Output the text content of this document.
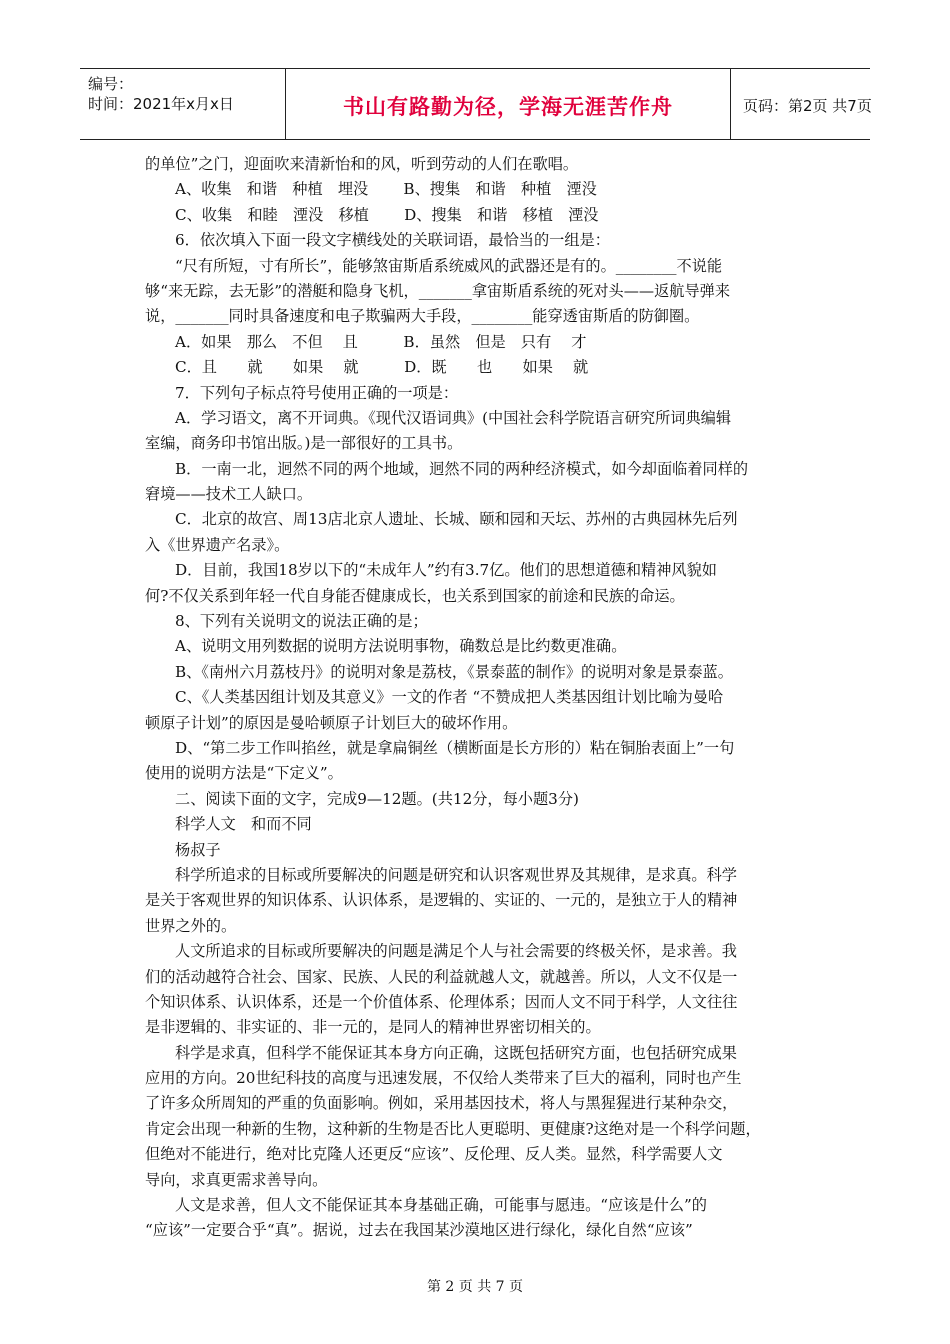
编号：
时间：2021年x月x日	书山有路勤为径，学海无涯苦作舟	页码：第2页 共7页
的单位”之门，迎面吹来清新怡和的风，听到劳动的人们在歌唱。
A、收集　和谐　种植　埋没　　 B、搜集　和谐　种植　湮没
C、收集　和睦　湮没　移植　　 D、搜集　和谐　移植　湮没
6．依次填入下面一段文字横线处的关联词语，最恰当的一组是：
“尺有所短，寸有所长”，能够煞宙斯盾系统威风的武器还是有的。________不说能
够“来无踪，去无影”的潜艇和隐身飞机，_______拿宙斯盾系统的死对头——返航导弹来
说，_______同时具备速度和电子欺骗两大手段，________能穿透宙斯盾的防御圈。
A．如果　那么　不但　 且　　　B．虽然　但是　只有　 才
C．且　　就　　如果　 就　　　D．既　　也　　如果　 就
7．下列句子标点符号使用正确的一项是：
A．学习语文，离不开词典。《现代汉语词典》(中国社会科学院语言研究所词典编辑
室编，商务印书馆出版。)是一部很好的工具书。
B．一南一北，迥然不同的两个地域，迥然不同的两种经济模式，如今却面临着同样的
窘境——技术工人缺口。
C．北京的故宫、周13店北京人遗址、长城、颐和园和天坛、苏州的古典园林先后列
入《世界遗产名录》。
D．目前，我国18岁以下的“未成年人”约有3.7亿。他们的思想道德和精神风貌如
何?不仅关系到年轻一代自身能否健康成长，也关系到国家的前途和民族的命运。
8、下列有关说明文的说法正确的是；
A、说明文用列数据的说明方法说明事物，确数总是比约数更准确。
B、《南州六月荔枝丹》的说明对象是荔枝，《景泰蓝的制作》的说明对象是景泰蓝。
C、《人类基因组计划及其意义》一文的作者 “不赞成把人类基因组计划比喻为曼哈
顿原子计划”的原因是曼哈顿原子计划巨大的破坏作用。
D、“第二步工作叫掐丝，就是拿扁铜丝（横断面是长方形的）粘在铜胎表面上”一句
使用的说明方法是“下定义”。
二、阅读下面的文字，完成9—12题。(共12分，每小题3分)
科学人文　和而不同
杨叔子
科学所追求的目标或所要解决的问题是研究和认识客观世界及其规律，是求真。科学
是关于客观世界的知识体系、认识体系，是逻辑的、实证的、一元的，是独立于人的精神
世界之外的。
人文所追求的目标或所要解决的问题是满足个人与社会需要的终极关怀，是求善。我
们的活动越符合社会、国家、民族、人民的利益就越人文，就越善。所以，人文不仅是一
个知识体系、认识体系，还是一个价值体系、伦理体系；因而人文不同于科学，人文往往
是非逻辑的、非实证的、非一元的，是同人的精神世界密切相关的。
科学是求真，但科学不能保证其本身方向正确，这既包括研究方面，也包括研究成果
应用的方向。20世纪科技的高度与迅速发展，不仅给人类带来了巨大的福利，同时也产生
了许多众所周知的严重的负面影响。例如，采用基因技术，将人与黑猩猩进行某种杂交，
肯定会出现一种新的生物，这种新的生物是否比人更聪明、更健康?这绝对是一个科学问题，
但绝对不能进行，绝对比克隆人还更反“应该”、反伦理、反人类。显然，科学需要人文
导向，求真更需求善导向。
人文是求善，但人文不能保证其本身基础正确，可能事与愿违。“应该是什么”的
“应该”一定要合乎“真”。据说，过去在我国某沙漠地区进行绿化，绿化自然“应该”
第 2 页 共 7 页
